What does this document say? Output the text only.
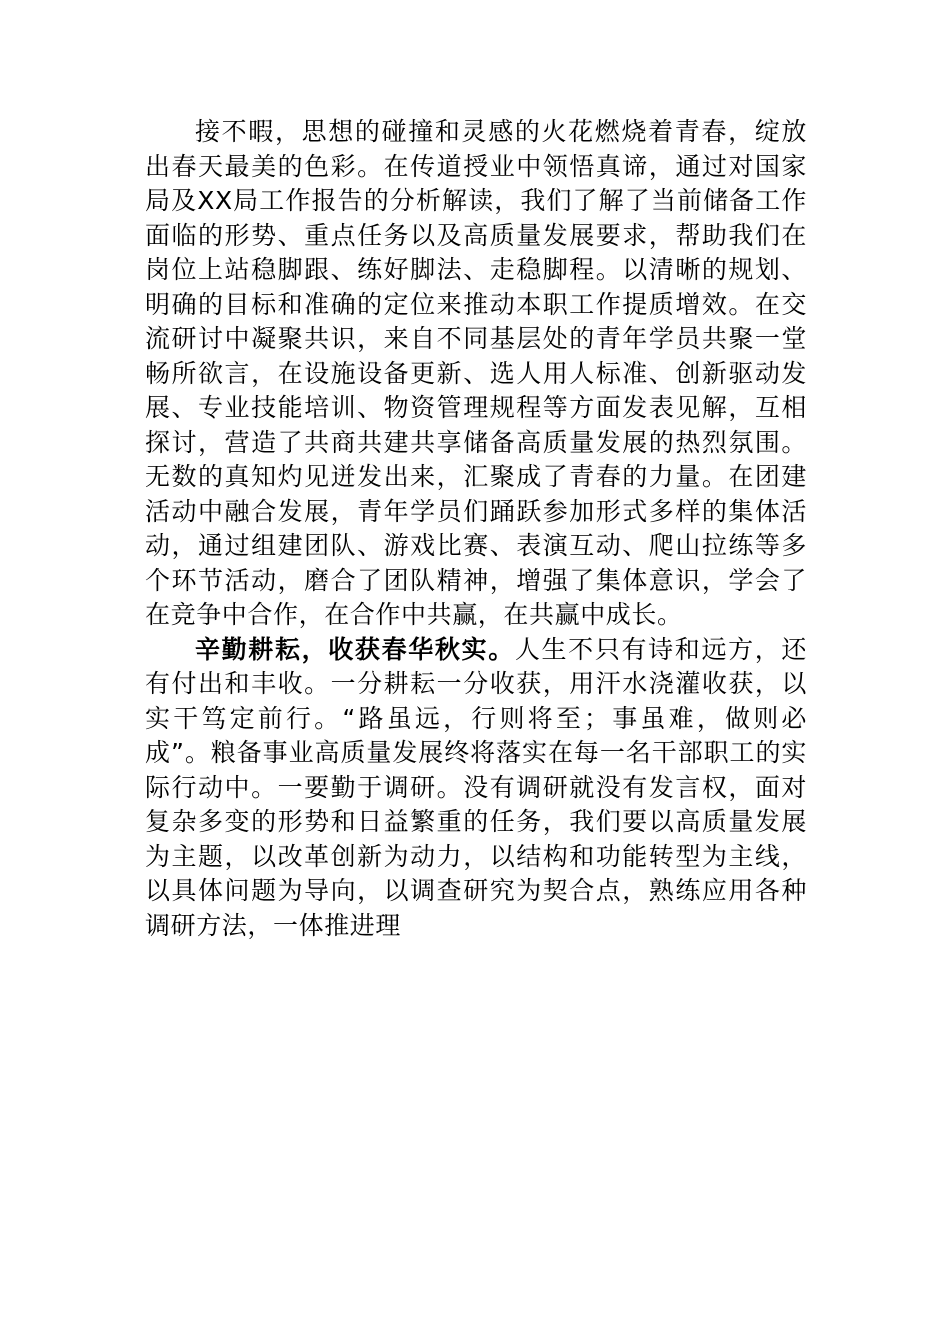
接不暇，思想的碰撞和灵感的火花燃烧着青春，绽放出春天最美的色彩。在传道授业中领悟真谛，通过对国家局及XX局工作报告的分析解读，我们了解了当前储备工作面临的形势、重点任务以及高质量发展要求，帮助我们在岗位上站稳脚跟、练好脚法、走稳脚程。以清晰的规划、明确的目标和准确的定位来推动本职工作提质增效。在交流研讨中凝聚共识，来自不同基层处的青年学员共聚一堂畅所欲言，在设施设备更新、选人用人标准、创新驱动发展、专业技能培训、物资管理规程等方面发表见解，互相探讨，营造了共商共建共享储备高质量发展的热烈氛围。无数的真知灼见迸发出来，汇聚成了青春的力量。在团建活动中融合发展，青年学员们踊跃参加形式多样的集体活动，通过组建团队、游戏比赛、表演互动、爬山拉练等多个环节活动，磨合了团队精神，增强了集体意识，学会了在竞争中合作，在合作中共赢，在共赢中成长。

辛勤耕耘，收获春华秋实。人生不只有诗和远方，还有付出和丰收。一分耕耘一分收获，用汗水浇灌收获，以实干笃定前行。“路虽远，行则将至；事虽难，做则必成”。粮备事业高质量发展终将落实在每一名干部职工的实际行动中。一要勤于调研。没有调研就没有发言权，面对复杂多变的形势和日益繁重的任务，我们要以高质量发展为主题，以改革创新为动力，以结构和功能转型为主线，以具体问题为导向，以调查研究为契合点，熟练应用各种调研方法，一体推进理
